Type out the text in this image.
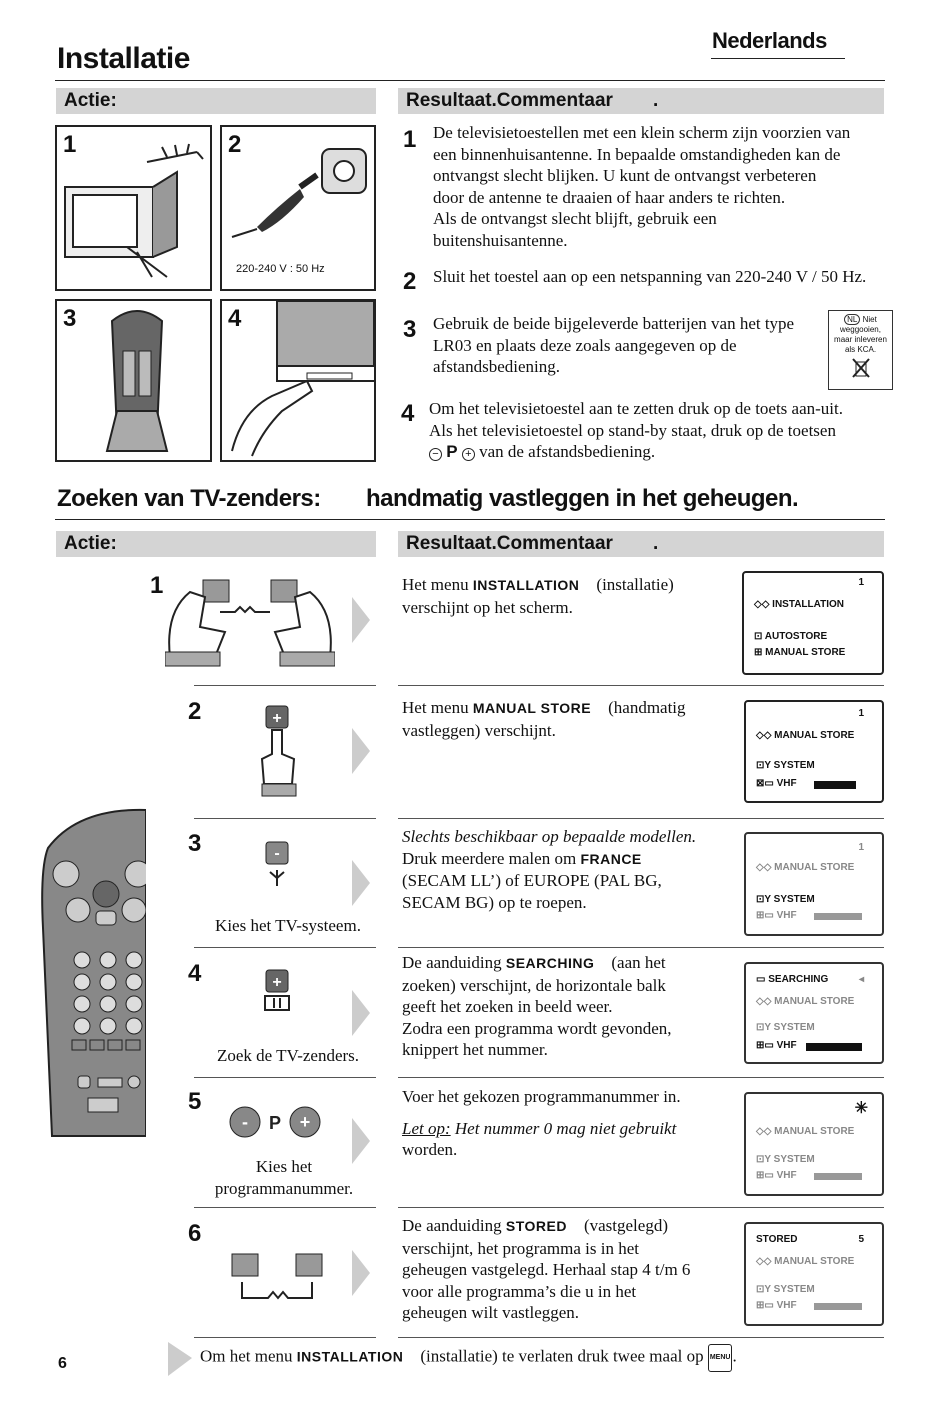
Nederlands
Installatie
Actie:	Resultaat.Commentaar .
1	2
220-240 V : 50 Hz
3	4
1 De televisietoestellen met een klein scherm zijn voorzien van
een binnenhuisantenne. In bepaalde omstandigheden kan de
ontvangst slecht blijken. U kunt de ontvangst verbeteren
door de antenne te draaien of haar anders te richten.
Als de ontvangst slecht blijft, gebruik een
buitenshuisantenne.
2 Sluit het toestel aan op een netspanning van 220-240 V / 50 Hz.
3 Gebruik de beide bijgeleverde batterijen van het type
LR03 en plaats deze zoals aangegeven op de
afstandsbediening.
NL Niet
weggooien,
maar inleveren
als KCA.
4 Om het televisietoestel aan te zetten druk op de toets aan-uit.
Als het televisietoestel op stand-by staat, druk op de toetsen
− P + van de afstandsbediening.
Zoeken van TV-zenders: handmatig vastleggen in het geheugen.
Actie:	Resultaat.Commentaar .
1	Het menu INSTALLATION    (installatie)
verschijnt op het scherm.
1
◇◇ INSTALLATION
⊡ AUTOSTORE
⊞ MANUAL STORE
2	+
Het menu MANUAL STORE    (handmatig
vastleggen) verschijnt.
1
◇◇ MANUAL STORE
⊡Y SYSTEM
⊠▭ VHF
3	-
Kies het TV-systeem.
Slechts beschikbaar op bepaalde modellen.
Druk meerdere malen om FRANCE
(SECAM LL’) of EUROPE (PAL BG,
SECAM BG) op te roepen.
1
◇◇ MANUAL STORE
⊡Y SYSTEM
⊞▭ VHF
4	+
Zoek de TV-zenders.
De aanduiding SEARCHING    (aan het
zoeken) verschijnt, de horizontale balk
geeft het zoeken in beeld weer.
Zodra een programma wordt gevonden,
knippert het nummer.
◂
▭ SEARCHING
◇◇ MANUAL STORE
⊡Y SYSTEM
⊞▭ VHF
5
- P +
Kies het
programmanummer.
Voer het gekozen programmanummer in.
Let op: Het nummer 0 mag niet gebruikt
worden.
✳
◇◇ MANUAL STORE
⊡Y SYSTEM
⊞▭ VHF
6	De aanduiding STORED    (vastgelegd)
verschijnt, het programma is in het
geheugen vastgelegd. Herhaal stap 4 t/m 6
voor alle programma’s die u in het
geheugen wilt vastleggen.
5
STORED
◇◇ MANUAL STORE
⊡Y SYSTEM
⊞▭ VHF
Om het menu INSTALLATION    (installatie) te verlaten druk twee maal op MENU .
6
